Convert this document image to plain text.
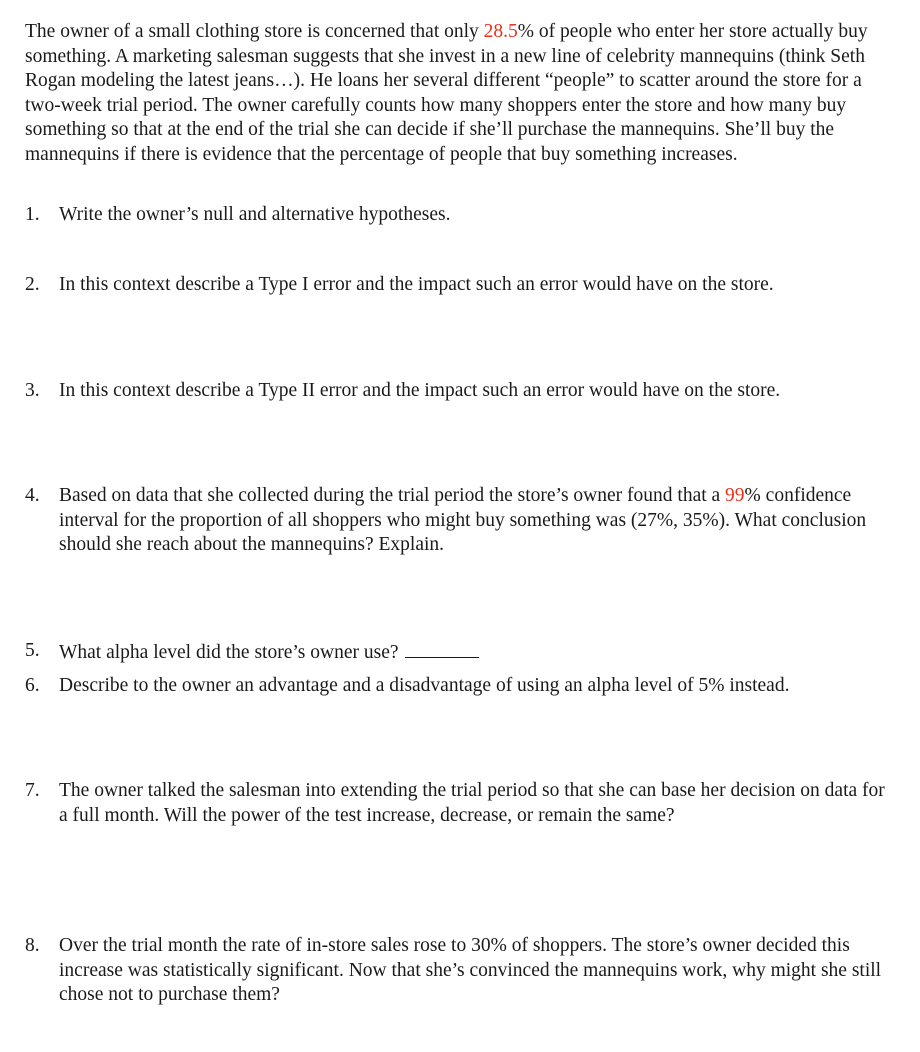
The owner of a small clothing store is concerned that only 28.5% of people who enter her store actually buy something. A marketing salesman suggests that she invest in a new line of celebrity mannequins (think Seth Rogan modeling the latest jeans…). He loans her several different “people” to scatter around the store for a two-week trial period. The owner carefully counts how many shoppers enter the store and how many buy something so that at the end of the trial she can decide if she’ll purchase the mannequins. She’ll buy the mannequins if there is evidence that the percentage of people that buy something increases.

1. Write the owner’s null and alternative hypotheses.
2. In this context describe a Type I error and the impact such an error would have on the store.
3. In this context describe a Type II error and the impact such an error would have on the store.
4. Based on data that she collected during the trial period the store’s owner found that a 99% confidence interval for the proportion of all shoppers who might buy something was (27%, 35%). What conclusion should she reach about the mannequins? Explain.
5. What alpha level did the store’s owner use?
6. Describe to the owner an advantage and a disadvantage of using an alpha level of 5% instead.
7. The owner talked the salesman into extending the trial period so that she can base her decision on data for a full month. Will the power of the test increase, decrease, or remain the same?
8. Over the trial month the rate of in-store sales rose to 30% of shoppers. The store’s owner decided this increase was statistically significant. Now that she’s convinced the mannequins work, why might she still chose not to purchase them?
